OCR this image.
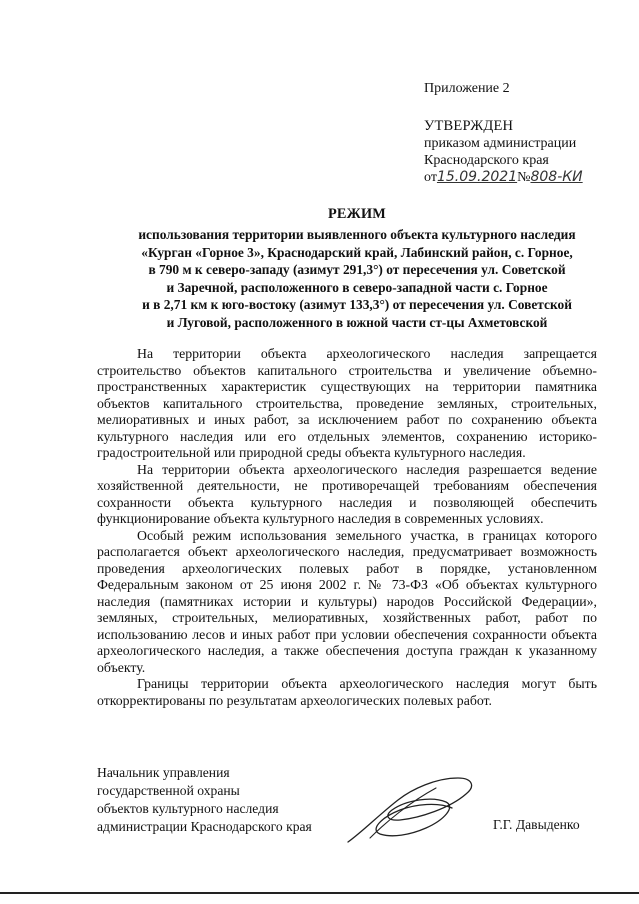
Приложение 2
УТВЕРЖДЕН
приказом администрации
Краснодарского края
от15.09.2021№808-КИ
РЕЖИМ
использования территории выявленного объекта культурного наследия
«Курган «Горное 3», Краснодарский край, Лабинский район, с. Горное,
в 790 м к северо-западу (азимут 291,3°) от пересечения ул. Советской
и Заречной, расположенного в северо-западной части с. Горное
и в 2,71 км к юго-востоку (азимут 133,3°) от пересечения ул. Советской
и Луговой, расположенного в южной части ст-цы Ахметовской

На территории объекта археологического наследия запрещается строительство объектов капитального строительства и увеличение объемно-пространственных характеристик существующих на территории памятника объектов капитального строительства, проведение земляных, строительных, мелиоративных и иных работ, за исключением работ по сохранению объекта культурного наследия или его отдельных элементов, сохранению историко-градостроительной или природной среды объекта культурного наследия.

На территории объекта археологического наследия разрешается ведение хозяйственной деятельности, не противоречащей требованиям обеспечения сохранности объекта культурного наследия и позволяющей обеспечить функционирование объекта культурного наследия в современных условиях.

Особый режим использования земельного участка, в границах которого располагается объект археологического наследия, предусматривает возможность проведения археологических полевых работ в порядке, установленном Федеральным законом от 25 июня 2002 г. № 73-ФЗ «Об объектах культурного наследия (памятниках истории и культуры) народов Российской Федерации», земляных, строительных, мелиоративных, хозяйственных работ, работ по использованию лесов и иных работ при условии обеспечения сохранности объекта археологического наследия, а также обеспечения доступа граждан к указанному объекту.

Границы территории объекта археологического наследия могут быть откорректированы по результатам археологических полевых работ.

Начальник управления
государственной охраны
объектов культурного наследия
администрации Краснодарского края	Г.Г. Давыденко
